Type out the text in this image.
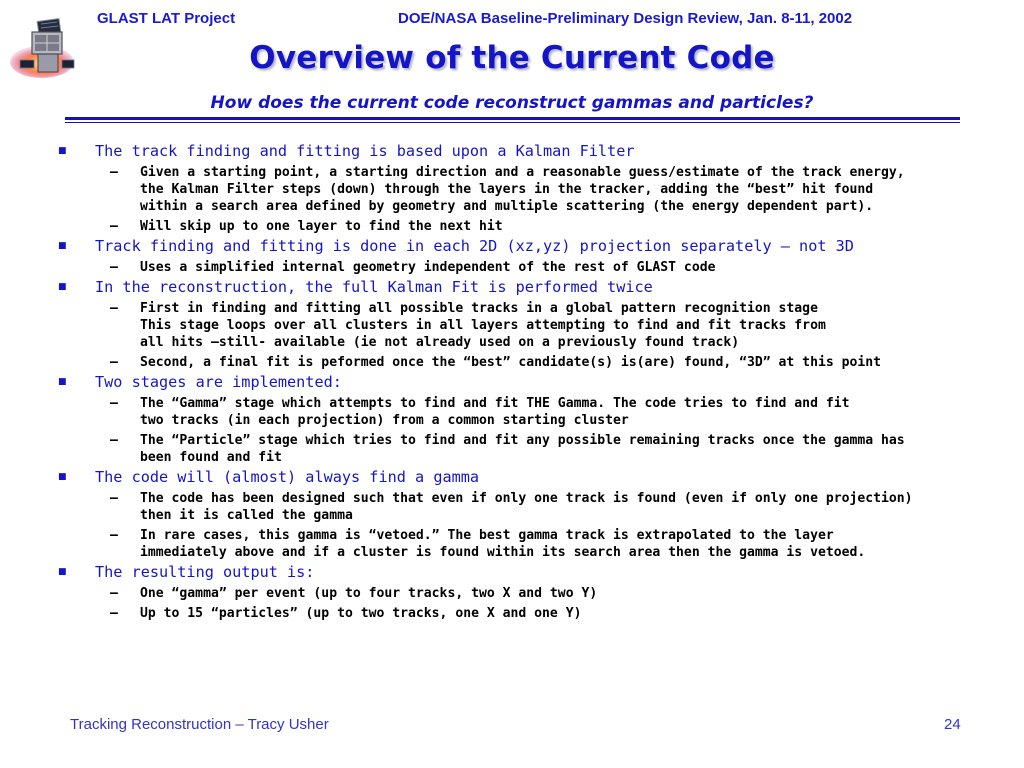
GLAST LAT Project	DOE/NASA Baseline-Preliminary Design Review, Jan. 8-11, 2002
Overview of the Current Code
How does the current code reconstruct gammas and particles?
■ The track finding and fitting is based upon a Kalman Filter
– Given a starting point, a starting direction and a reasonable guess/estimate of the track energy,
the Kalman Filter steps (down) through the layers in the tracker, adding the “best” hit found
within a search area defined by geometry and multiple scattering (the energy dependent part).
– Will skip up to one layer to find the next hit
■ Track finding and fitting is done in each 2D (xz,yz) projection separately – not 3D
– Uses a simplified internal geometry independent of the rest of GLAST code
■ In the reconstruction, the full Kalman Fit is performed twice
– First in finding and fitting all possible tracks in a global pattern recognition stage
This stage loops over all clusters in all layers attempting to find and fit tracks from
all hits –still- available (ie not already used on a previously found track)
– Second, a final fit is peformed once the “best” candidate(s) is(are) found, “3D” at this point
■ Two stages are implemented:
– The “Gamma” stage which attempts to find and fit THE Gamma. The code tries to find and fit
two tracks (in each projection) from a common starting cluster
– The “Particle” stage which tries to find and fit any possible remaining tracks once the gamma has
been found and fit
■ The code will (almost) always find a gamma
– The code has been designed such that even if only one track is found (even if only one projection)
then it is called the gamma
– In rare cases, this gamma is “vetoed.” The best gamma track is extrapolated to the layer
immediately above and if a cluster is found within its search area then the gamma is vetoed.
■ The resulting output is:
– One “gamma” per event (up to four tracks, two X and two Y)
– Up to 15 “particles” (up to two tracks, one X and one Y)
Tracking Reconstruction – Tracy Usher	24
